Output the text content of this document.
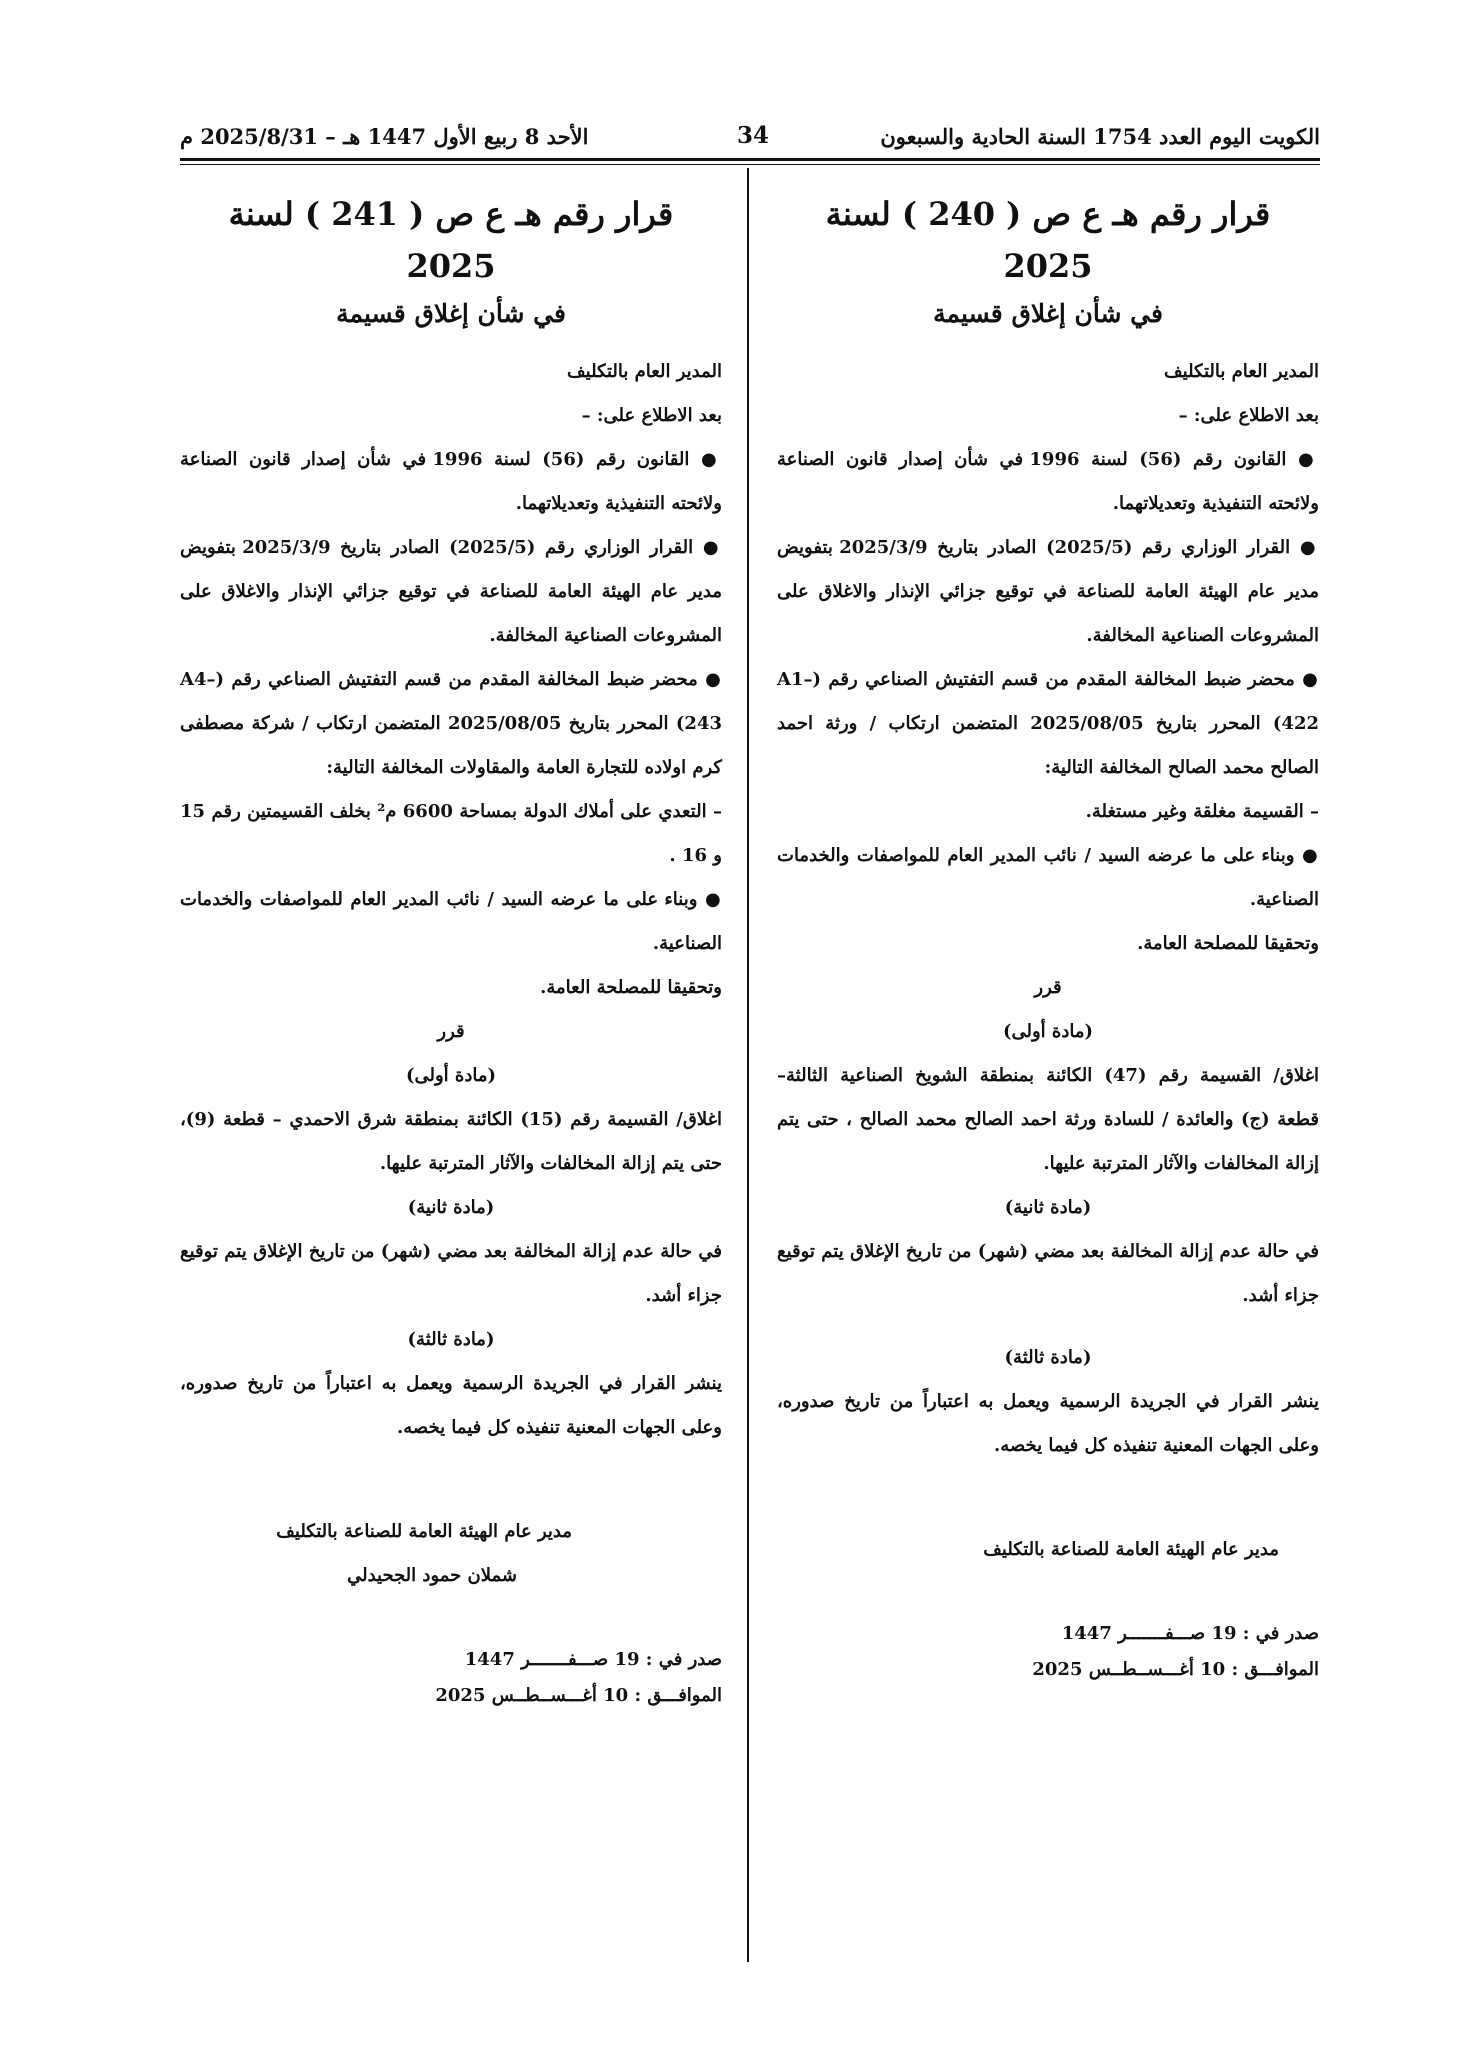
الكويت اليوم العدد 1754 السنة الحادية والسبعون
34
الأحد 8 ربيع الأول 1447 هـ – 2025/8/31 م
قرار رقم هـ ع ص ( 240 ) لسنة 2025
في شأن إغلاق قسيمة

المدير العام بالتكليف

بعد الاطلاع على: –

● القانون رقم (56) لسنة 1996 في شأن إصدار قانون الصناعة ولائحته التنفيذية وتعديلاتهما.

● القرار الوزاري رقم (2025/5) الصادر بتاريخ 2025/3/9 بتفويض مدير عام الهيئة العامة للصناعة في توقيع جزائي الإنذار والاغلاق على المشروعات الصناعية المخالفة.

● محضر ضبط المخالفة المقدم من قسم التفتيش الصناعي رقم (A1–422) المحرر بتاريخ 2025/08/05 المتضمن ارتكاب / ورثة احمد الصالح محمد الصالح المخالفة التالية:

– القسيمة مغلقة وغير مستغلة.

● وبناء على ما عرضه السيد / نائب المدير العام للمواصفات والخدمات الصناعية.

وتحقيقا للمصلحة العامة.

قرر

(مادة أولى)

اغلاق/ القسيمة رقم (47) الكائنة بمنطقة الشويخ الصناعية الثالثة– قطعة (ج) والعائدة / للسادة ورثة احمد الصالح محمد الصالح ، حتى يتم إزالة المخالفات والآثار المترتبة عليها.

(مادة ثانية)

في حالة عدم إزالة المخالفة بعد مضي (شهر) من تاريخ الإغلاق يتم توقيع جزاء أشد.

(مادة ثالثة)

ينشر القرار في الجريدة الرسمية ويعمل به اعتباراً من تاريخ صدوره، وعلى الجهات المعنية تنفيذه كل فيما يخصه.

مدير عام الهيئة العامة للصناعة بالتكليف

صدر في : 19 صـــفـــــــر 1447

الموافـــق : 10 أغـــســطــس 2025

قرار رقم هـ ع ص ( 241 ) لسنة 2025
في شأن إغلاق قسيمة

المدير العام بالتكليف

بعد الاطلاع على: –

● القانون رقم (56) لسنة 1996 في شأن إصدار قانون الصناعة ولائحته التنفيذية وتعديلاتهما.

● القرار الوزاري رقم (2025/5) الصادر بتاريخ 2025/3/9 بتفويض مدير عام الهيئة العامة للصناعة في توقيع جزائي الإنذار والاغلاق على المشروعات الصناعية المخالفة.

● محضر ضبط المخالفة المقدم من قسم التفتيش الصناعي رقم (A4–243) المحرر بتاريخ 2025/08/05 المتضمن ارتكاب / شركة مصطفى كرم اولاده للتجارة العامة والمقاولات المخالفة التالية:

– التعدي على أملاك الدولة بمساحة 6600 م² بخلف القسيمتين رقم 15 و 16 .

● وبناء على ما عرضه السيد / نائب المدير العام للمواصفات والخدمات الصناعية.

وتحقيقا للمصلحة العامة.

قرر

(مادة أولى)

اغلاق/ القسيمة رقم (15) الكائنة بمنطقة شرق الاحمدي – قطعة (9)، حتى يتم إزالة المخالفات والآثار المترتبة عليها.

(مادة ثانية)

في حالة عدم إزالة المخالفة بعد مضي (شهر) من تاريخ الإغلاق يتم توقيع جزاء أشد.

(مادة ثالثة)

ينشر القرار في الجريدة الرسمية ويعمل به اعتباراً من تاريخ صدوره، وعلى الجهات المعنية تنفيذه كل فيما يخصه.

مدير عام الهيئة العامة للصناعة بالتكليف

شملان حمود الجحيدلي

صدر في : 19 صـــفـــــــر 1447

الموافـــق : 10 أغـــســطــس 2025
